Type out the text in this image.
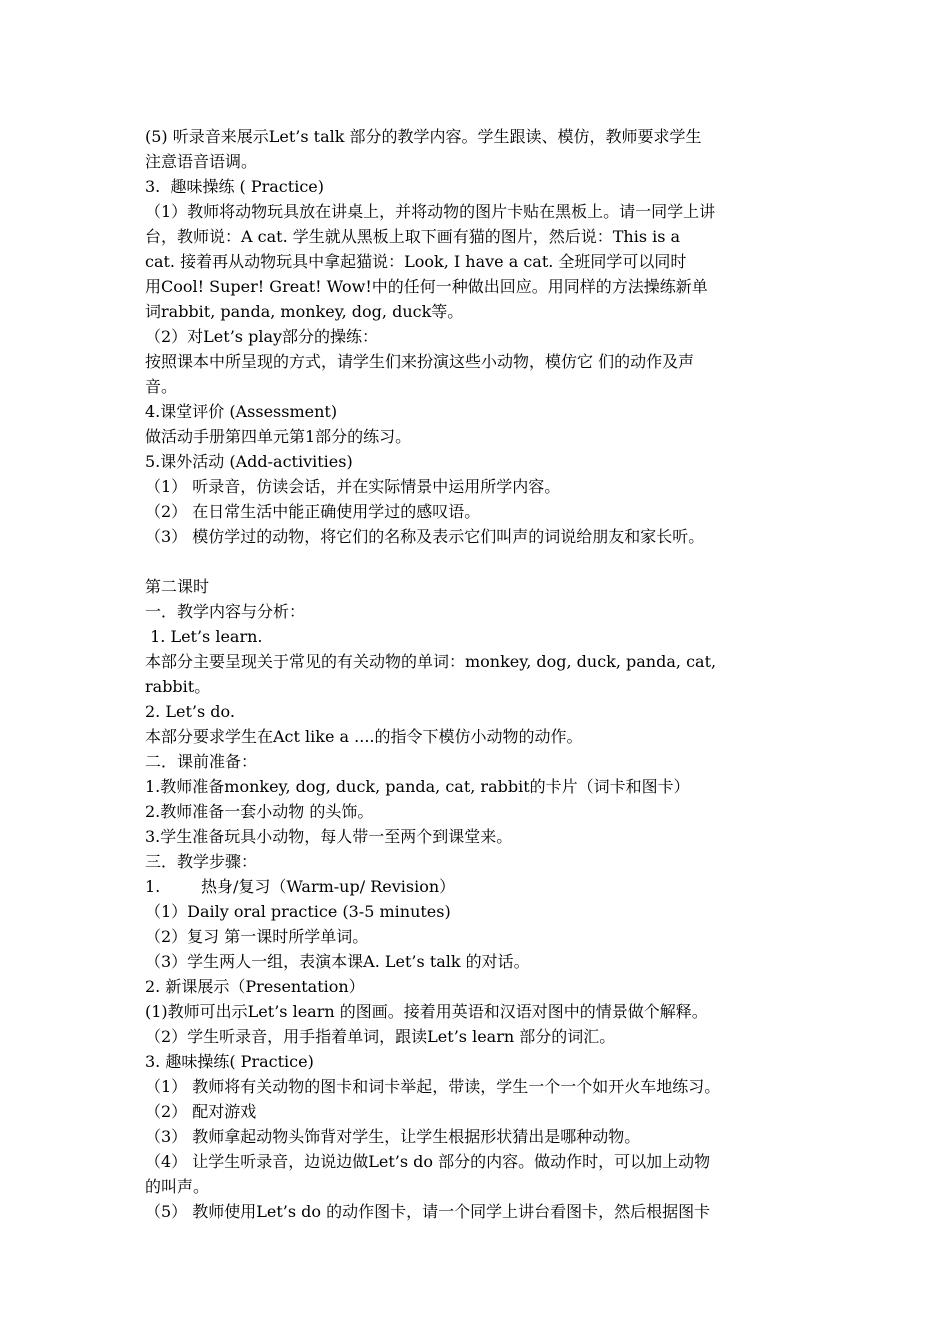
(5) 听录音来展示Let’s talk 部分的教学内容。学生跟读、模仿，教师要求学生
注意语音语调。
3.  趣味操练 ( Practice)
（1）教师将动物玩具放在讲桌上，并将动物的图片卡贴在黑板上。请一同学上讲
台，教师说：A cat. 学生就从黑板上取下画有猫的图片，然后说：This is a
cat. 接着再从动物玩具中拿起猫说：Look, I have a cat. 全班同学可以同时
用Cool! Super! Great! Wow!中的任何一种做出回应。用同样的方法操练新单
词rabbit, panda, monkey, dog, duck等。
（2）对Let’s play部分的操练：
按照课本中所呈现的方式，请学生们来扮演这些小动物，模仿它 们的动作及声
音。
4.课堂评价 (Assessment)
做活动手册第四单元第1部分的练习。
5.课外活动 (Add-activities)
（1） 听录音，仿读会话，并在实际情景中运用所学内容。
（2） 在日常生活中能正确使用学过的感叹语。
（3） 模仿学过的动物，将它们的名称及表示它们叫声的词说给朋友和家长听。
第二课时
一．教学内容与分析：
1. Let’s learn.
本部分主要呈现关于常见的有关动物的单词：monkey, dog, duck, panda, cat,
rabbit。
2. Let’s do.
本部分要求学生在Act like a ....的指令下模仿小动物的动作。
二．课前准备：
1.教师准备monkey, dog, duck, panda, cat, rabbit的卡片（词卡和图卡）
2.教师准备一套小动物 的头饰。
3.学生准备玩具小动物，每人带一至两个到课堂来。
三．教学步骤：
1.        热身/复习（Warm-up/ Revision）
（1）Daily oral practice (3-5 minutes)
（2）复习 第一课时所学单词。
（3）学生两人一组，表演本课A. Let’s talk 的对话。
2. 新课展示（Presentation）
(1)教师可出示Let’s learn 的图画。接着用英语和汉语对图中的情景做个解释。
（2）学生听录音，用手指着单词，跟读Let’s learn 部分的词汇。
3. 趣味操练( Practice)
（1） 教师将有关动物的图卡和词卡举起，带读，学生一个一个如开火车地练习。
（2） 配对游戏
（3） 教师拿起动物头饰背对学生，让学生根据形状猜出是哪种动物。
（4） 让学生听录音，边说边做Let’s do 部分的内容。做动作时，可以加上动物
的叫声。
（5） 教师使用Let’s do 的动作图卡，请一个同学上讲台看图卡，然后根据图卡
